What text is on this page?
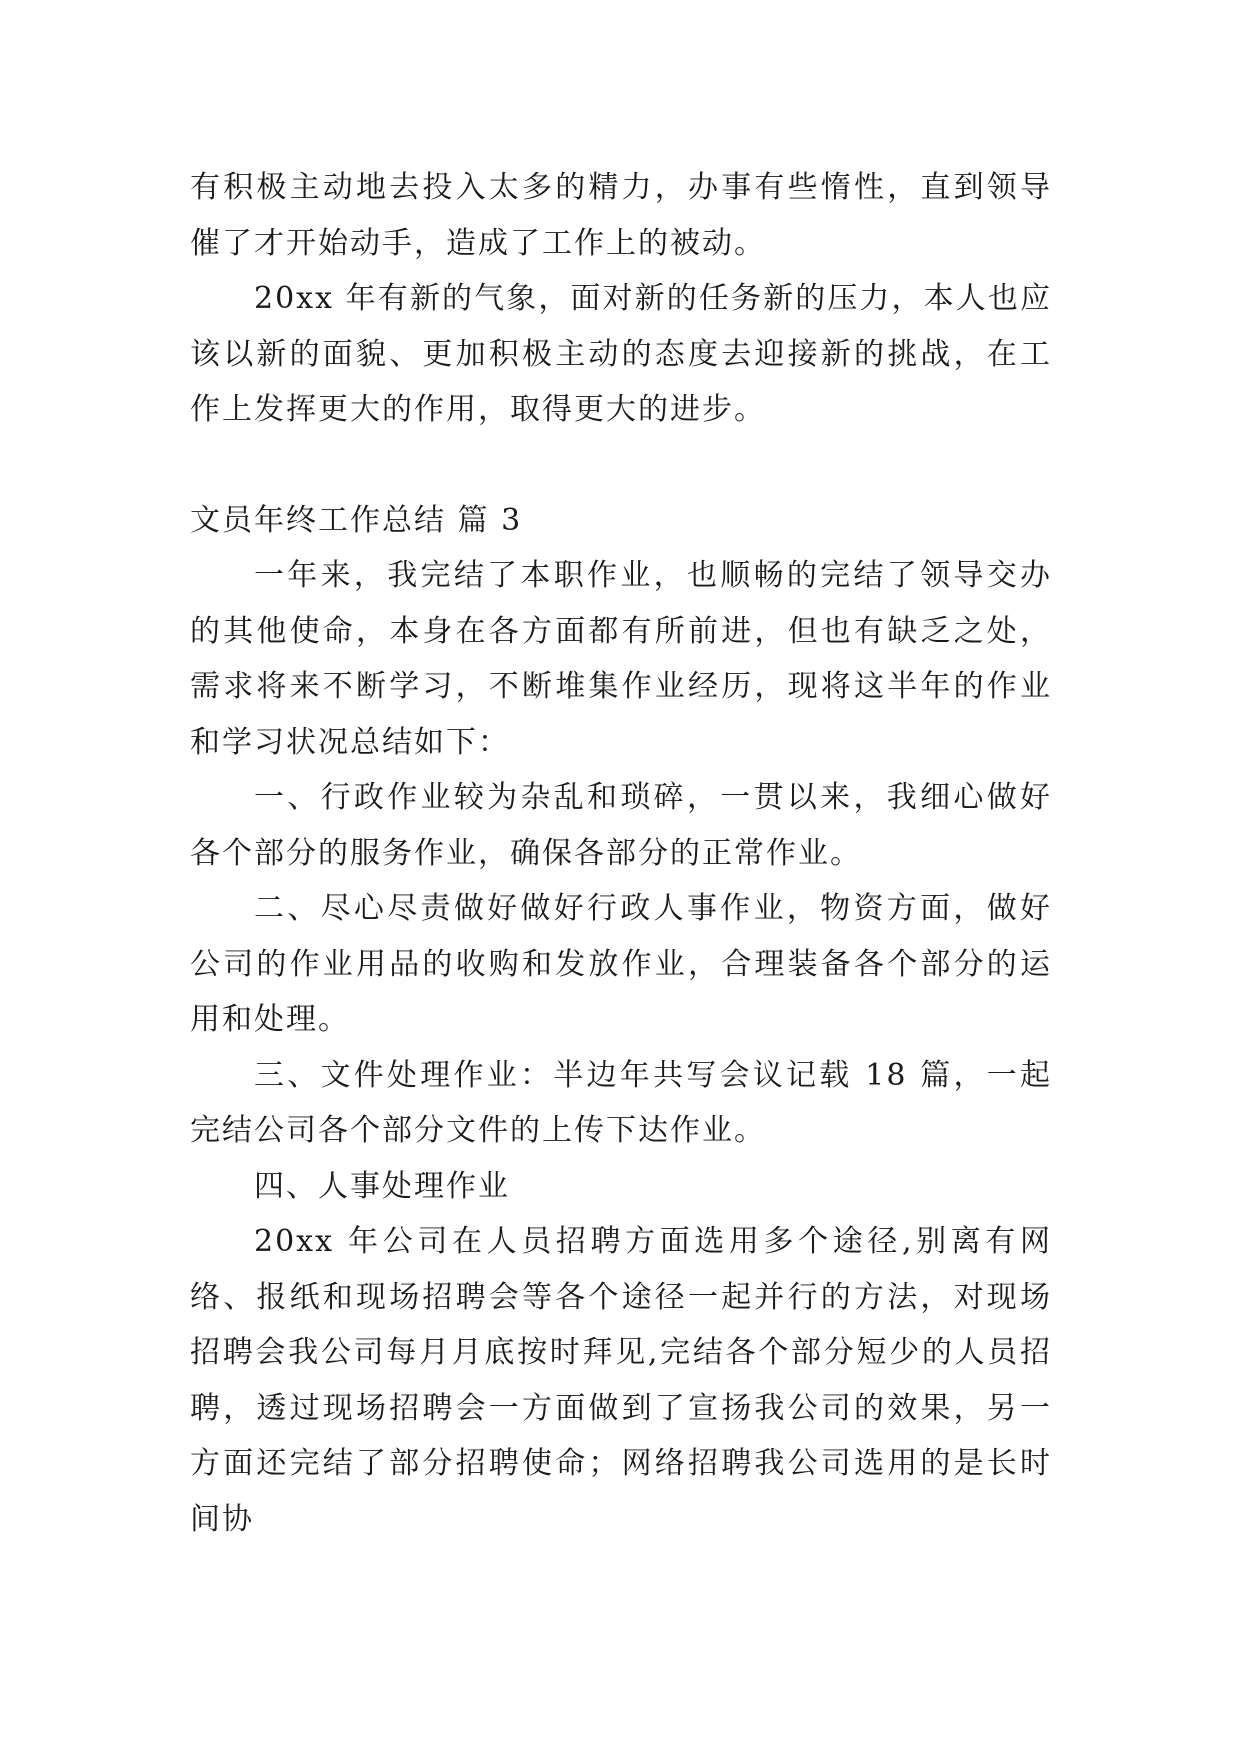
有积极主动地去投入太多的精力，办事有些惰性，直到领导催了才开始动手，造成了工作上的被动。

20xx 年有新的气象，面对新的任务新的压力，本人也应该以新的面貌、更加积极主动的态度去迎接新的挑战，在工作上发挥更大的作用，取得更大的进步。

文员年终工作总结 篇 3

一年来，我完结了本职作业，也顺畅的完结了领导交办的其他使命，本身在各方面都有所前进，但也有缺乏之处，需求将来不断学习，不断堆集作业经历，现将这半年的作业和学习状况总结如下：

一、行政作业较为杂乱和琐碎，一贯以来，我细心做好各个部分的服务作业，确保各部分的正常作业。

二、尽心尽责做好做好行政人事作业，物资方面，做好公司的作业用品的收购和发放作业，合理装备各个部分的运用和处理。

三、文件处理作业：半边年共写会议记载 18 篇，一起完结公司各个部分文件的上传下达作业。

四、人事处理作业

20xx 年公司在人员招聘方面选用多个途径,别离有网络、报纸和现场招聘会等各个途径一起并行的方法，对现场招聘会我公司每月月底按时拜见,完结各个部分短少的人员招聘，透过现场招聘会一方面做到了宣扬我公司的效果，另一方面还完结了部分招聘使命；网络招聘我公司选用的是长时间协
